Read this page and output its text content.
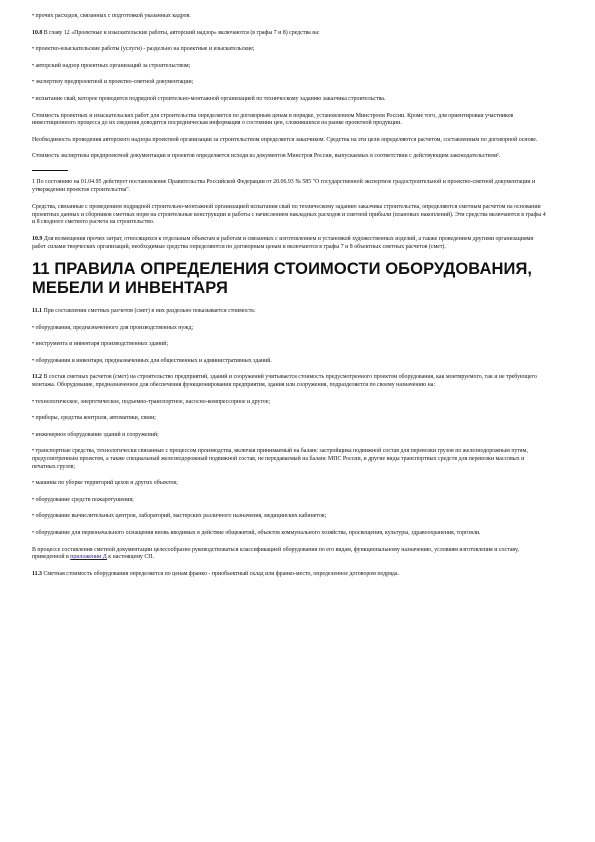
• прочих расходов, связанных с подготовкой указанных кадров.

10.8 В главу 12 «Проектные и изыскательские работы, авторский надзор» включаются (в графы 7 и 8) средства на:

• проектно-изыскательские работы (услуги) - раздельно на проектные и изыскательские;

• авторский надзор проектных организаций за строительством;

• экспертизу предпроектной и проектно-сметной документации;

• испытание свай, которое проводится подрядной строительно-монтажной организацией по техническому заданию заказчика строительства.

Стоимость проектных и изыскательских работ для строительства определяется по договорным ценам в порядке, установленном Минстроем России. Кроме того, для ориентировки участников инвестиционного процесса до их сведения доводится посредническая информация о состоянии цен, сложившихся на рынке проектной продукции.

Необходимость проведения авторского надзора проектной организации за строительством определяется заказчиком. Средства на эти цели определяются расчетом, составленным по договорной основе.

Стоимость экспертизы предпроектной документации и проектов определяется исходя из документов Минстроя России, выпускаемых в соответствии с действующим законодательством¹.

1 По состоянию на 01.04.95 действует постановление Правительства Российской Федерации от 20.06.93 № 585 "О государственной экспертизе градостроительной и проектно-сметной документации и утверждении проектов строительства".

Средства, связанные с проведением подрядной строительно-монтажной организацией испытания свай по техническому заданию заказчика строительства, определяются сметным расчетом на основании проектных данных и сборников сметных норм на строительные конструкции и работы с начислением накладных расходов и сметной прибыли (плановых накоплений). Эти средства включаются в графы 4 и 8 сводного сметного расчета на строительство.

10.9 Для возмещения прочих затрат, относящихся к отдельным объектам и работам и связанных с изготовлением и установкой художественных изделий, а также проведением другими организациями работ силами творческих организаций, необходимые средства определяются по договорным ценам и включаются в графы 7 и 8 объектных сметных расчетов (смет).

11 ПРАВИЛА ОПРЕДЕЛЕНИЯ СТОИМОСТИ ОБОРУДОВАНИЯ, МЕБЕЛИ И ИНВЕНТАРЯ

11.1 При составлении сметных расчетов (смет) в них раздельно показывается стоимость:

• оборудования, предназначенного для производственных нужд;

• инструмента и инвентаря производственных зданий;

• оборудования и инвентаря, предназначенных для общественных и административных зданий.

11.2 В состав сметных расчетов (смет) на строительство предприятий, зданий и сооружений учитывается стоимость предусмотренного проектом оборудования, как монтируемого, так и не требующего монтажа. Оборудование, предназначенное для обеспечения функционирования предприятия, здания или сооружения, подразделяется по своему назначению на:

• технологическое, энергетическое, подъемно-транспортное, насосно-компрессорное и другое;

• приборы, средства контроля, автоматики, связи;

• инженерное оборудование зданий и сооружений;

• транспортные средства, технологически связанные с процессом производства, включая принимаемый на баланс застройщика подвижной состав для перевозки грузов по железнодорожным путям, предусмотренным проектом, а также специальный железнодорожный подвижной состав, не передаваемый на баланс МПС России, и другие виды транспортных средств для перевозки массовых и печатных грузов;

• машины по уборке территорий цехов и других объектов;

• оборудование средств пожаротушения;

• оборудование вычислительных центров, лабораторий, мастерских различного назначения, медицинских кабинетов;

• оборудование для первоначального оснащения вновь вводимых в действие общежитий, объектов коммунального хозяйства, просвещения, культуры, здравоохранения, торговли.

В процессе составления сметной документации целесообразно руководствоваться классификацией оборудования по его видам, функциональному назначению, условиям изготовления и составу, приведенной в приложении Д к настоящему СП.

11.3 Сметная стоимость оборудования определяется по ценам франко - приобъектный склад или франко-место, определенное договором подряда.
